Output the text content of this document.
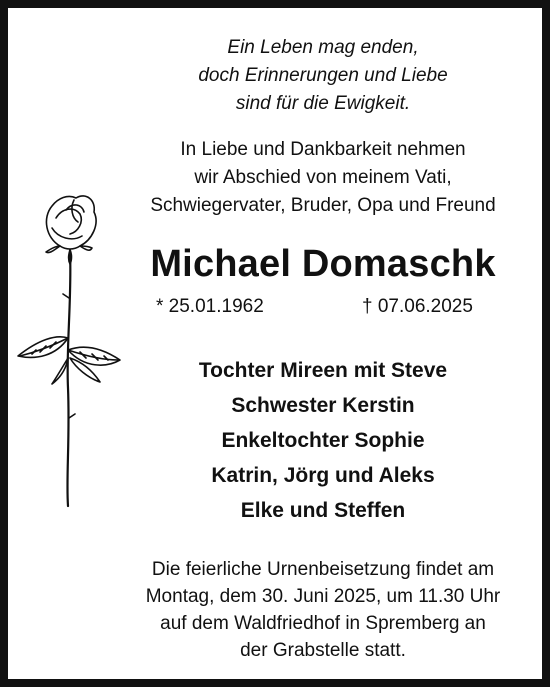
Ein Leben mag enden,
doch Erinnerungen und Liebe
sind für die Ewigkeit.
In Liebe und Dankbarkeit nehmen
wir Abschied von meinem Vati,
Schwiegervater, Bruder, Opa und Freund
Michael Domaschk
* 25.01.1962	† 07.06.2025
Tochter Mireen mit Steve
Schwester Kerstin
Enkeltochter Sophie
Katrin, Jörg und Aleks
Elke und Steffen
Die feierliche Urnenbeisetzung findet am
Montag, dem 30. Juni 2025, um 11.30 Uhr
auf dem Waldfriedhof in Spremberg an
der Grabstelle statt.
